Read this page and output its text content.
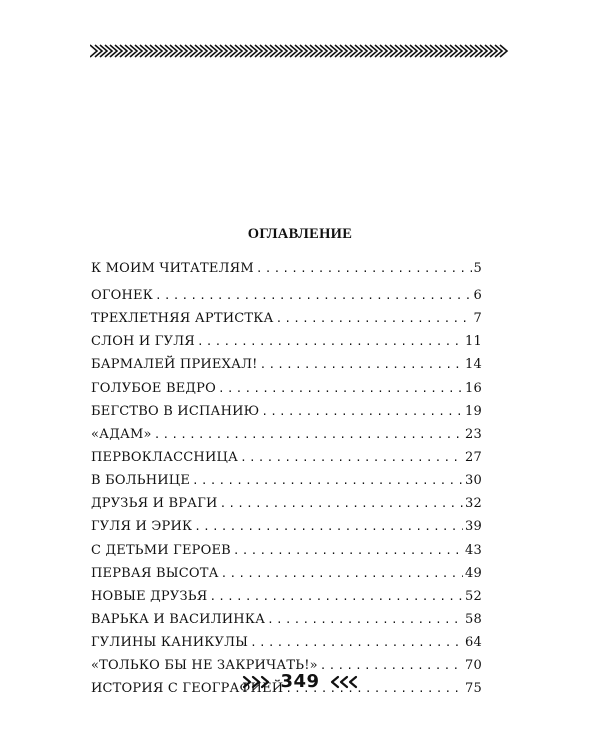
ОГЛАВЛЕНИЕ
К МОИМ ЧИТАТЕЛЯМ . . .	5
ОГОНЕК . . .	6
ТРЕХЛЕТНЯЯ АРТИСТКА . . .	7
СЛОН И ГУЛЯ . . .	11
БАРМАЛЕЙ ПРИЕХАЛ! . . .	14
ГОЛУБОЕ ВЕДРО . . .	16
БЕГСТВО В ИСПАНИЮ . . .	19
«АДАМ» . . .	23
ПЕРВОКЛАССНИЦА . . .	27
В БОЛЬНИЦЕ . . .	30
ДРУЗЬЯ И ВРАГИ . . .	32
ГУЛЯ И ЭРИК . . .	39
С ДЕТЬМИ ГЕРОЕВ . . .	43
ПЕРВАЯ ВЫСОТА . . .	49
НОВЫЕ ДРУЗЬЯ . . .	52
ВАРЬКА И ВАСИЛИНКА . . .	58
ГУЛИНЫ КАНИКУЛЫ . . .	64
«ТОЛЬКО БЫ НЕ ЗАКРИЧАТЬ!» . . .	70
ИСТОРИЯ С ГЕОГРАФИЕЙ . . .	75
349
